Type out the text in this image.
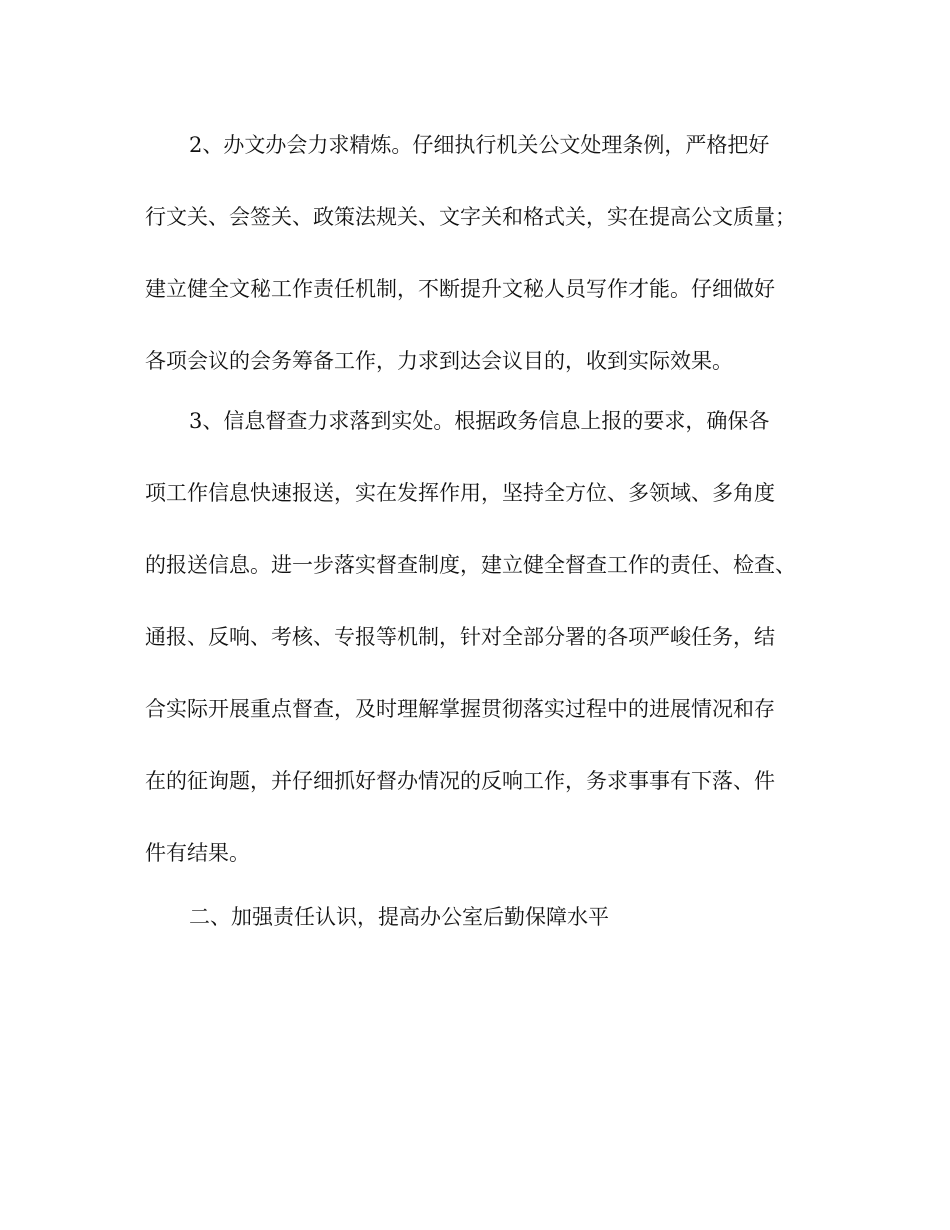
2、办文办会力求精炼。仔细执行机关公文处理条例，严格把好

行文关、会签关、政策法规关、文字关和格式关，实在提高公文质量；

建立健全文秘工作责任机制，不断提升文秘人员写作才能。仔细做好

各项会议的会务筹备工作，力求到达会议目的，收到实际效果。

3、信息督查力求落到实处。根据政务信息上报的要求，确保各

项工作信息快速报送，实在发挥作用，坚持全方位、多领域、多角度

的报送信息。进一步落实督查制度，建立健全督查工作的责任、检查、

通报、反响、考核、专报等机制，针对全部分署的各项严峻任务，结

合实际开展重点督查，及时理解掌握贯彻落实过程中的进展情况和存

在的征询题，并仔细抓好督办情况的反响工作，务求事事有下落、件

件有结果。

二、加强责任认识，提高办公室后勤保障水平
